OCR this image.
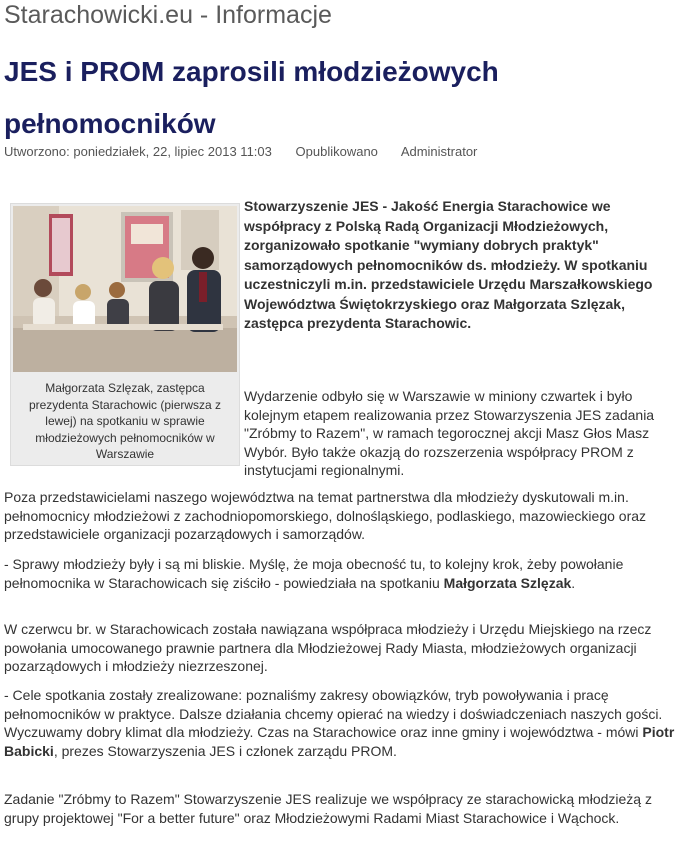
Starachowicki.eu - Informacje
JES i PROM zaprosili młodzieżowych pełnomocników
Utworzono: poniedziałek, 22, lipiec 2013 11:03 Opublikowano Administrator
Małgorzata Szlęzak, zastępca prezydenta Starachowic (pierwsza z lewej) na spotkaniu w sprawie młodzieżowych pełnomocników w Warszawie

Stowarzyszenie JES - Jakość Energia Starachowice we współpracy z Polską Radą Organizacji Młodzieżowych, zorganizowało spotkanie "wymiany dobrych praktyk" samorządowych pełnomocników ds. młodzieży. W spotkaniu uczestniczyli m.in. przedstawiciele Urzędu Marszałkowskiego Województwa Świętokrzyskiego oraz Małgorzata Szlęzak, zastępca prezydenta Starachowic.

Wydarzenie odbyło się w Warszawie w miniony czwartek i było kolejnym etapem realizowania przez Stowarzyszenia JES zadania "Zróbmy to Razem", w ramach tegorocznej akcji Masz Głos Masz Wybór. Było także okazją do rozszerzenia współpracy PROM z instytucjami regionalnymi.

Poza przedstawicielami naszego województwa na temat partnerstwa dla młodzieży dyskutowali m.in. pełnomocnicy młodzieżowi z zachodniopomorskiego, dolnośląskiego, podlaskiego, mazowieckiego oraz przedstawiciele organizacji pozarządowych i samorządów.

- Sprawy młodzieży były i są mi bliskie. Myślę, że moja obecność tu, to kolejny krok, żeby powołanie pełnomocnika w Starachowicach się ziściło - powiedziała na spotkaniu Małgorzata Szlęzak.

W czerwcu br. w Starachowicach została nawiązana współpraca młodzieży i Urzędu Miejskiego na rzecz powołania umocowanego prawnie partnera dla Młodzieżowej Rady Miasta, młodzieżowych organizacji pozarządowych i młodzieży niezrzeszonej.

- Cele spotkania zostały zrealizowane: poznaliśmy zakresy obowiązków, tryb powoływania i pracę pełnomocników w praktyce. Dalsze działania chcemy opierać na wiedzy i doświadczeniach naszych gości. Wyczuwamy dobry klimat dla młodzieży. Czas na Starachowice oraz inne gminy i województwa - mówi Piotr Babicki, prezes Stowarzyszenia JES i członek zarządu PROM.

Zadanie "Zróbmy to Razem" Stowarzyszenie JES realizuje we współpracy ze starachowicką młodzieżą z grupy projektowej "For a better future" oraz Młodzieżowymi Radami Miast Starachowice i Wąchock.
